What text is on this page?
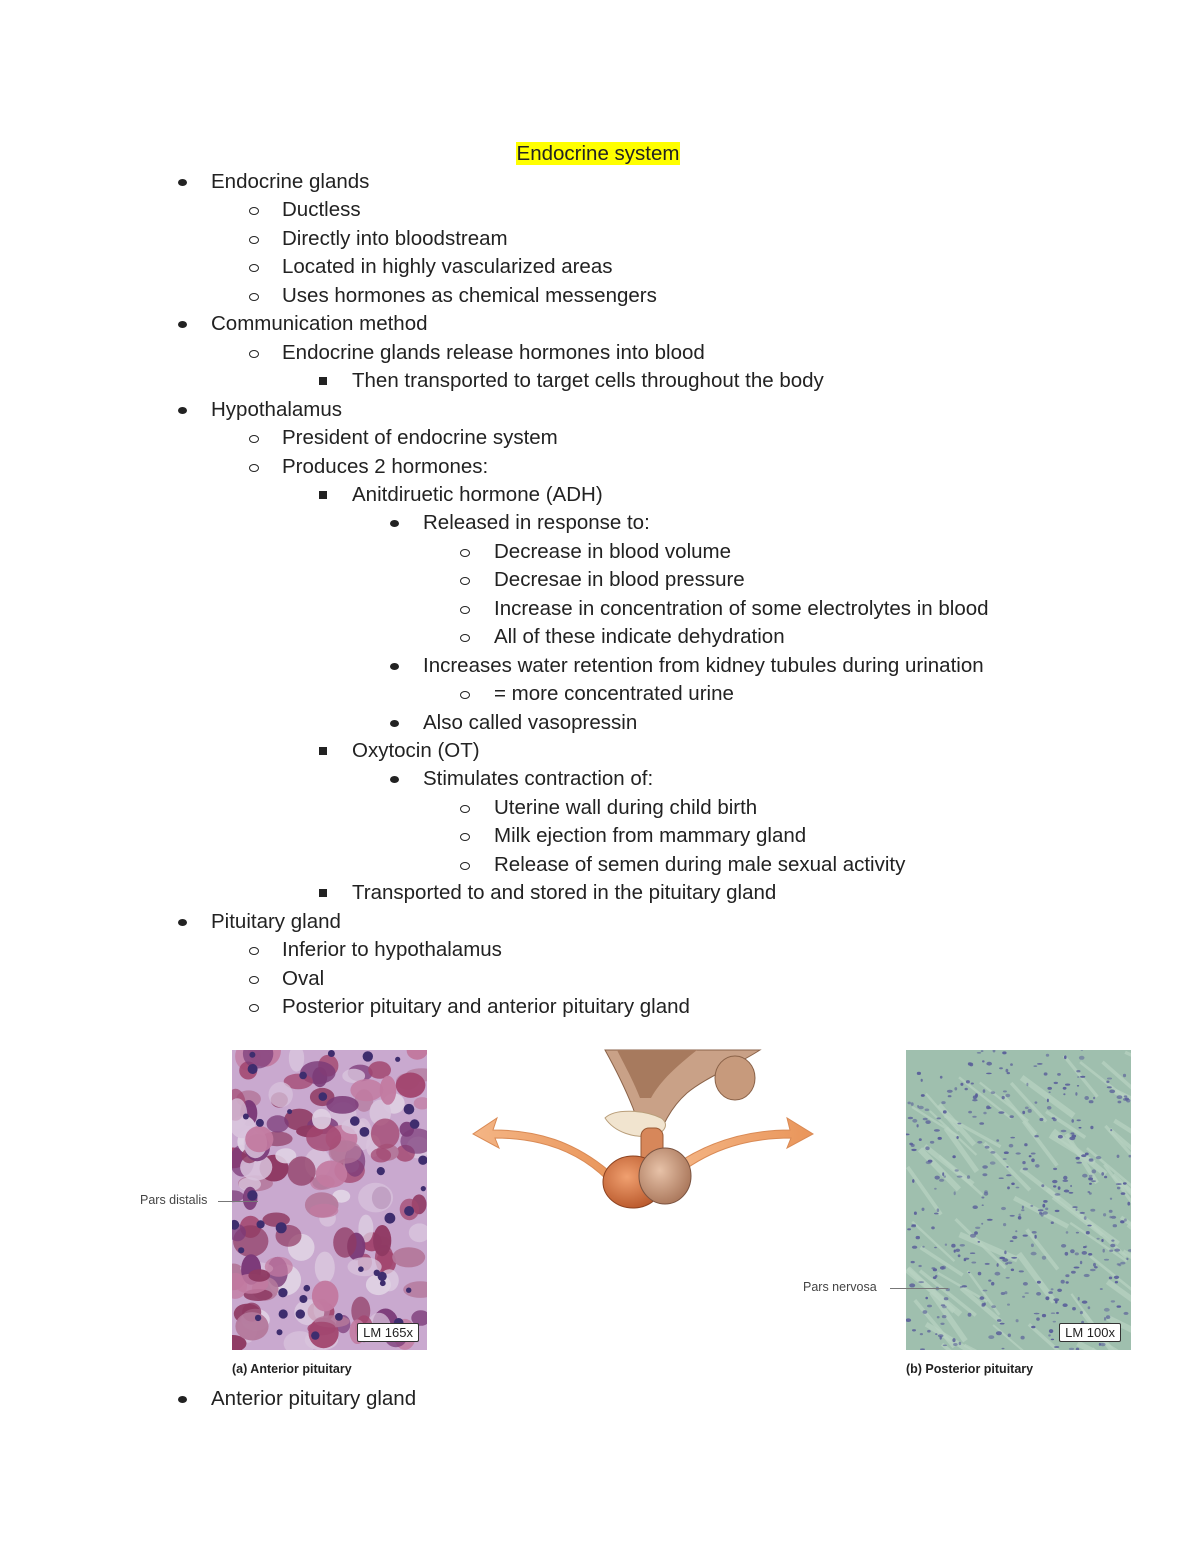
Endocrine system
Endocrine glands
Ductless
Directly into bloodstream
Located in highly vascularized areas
Uses hormones as chemical messengers
Communication method
Endocrine glands release hormones into blood
Then transported to target cells throughout the body
Hypothalamus
President of endocrine system
Produces 2 hormones:
Anitdiruetic hormone (ADH)
Released in response to:
Decrease in blood volume
Decresae in blood pressure
Increase in concentration of some electrolytes in blood
All of these indicate dehydration
Increases water retention from kidney tubules during urination
= more concentrated urine
Also called vasopressin
Oxytocin (OT)
Stimulates contraction of:
Uterine wall during child birth
Milk ejection from mammary gland
Release of semen during male sexual activity
Transported to and stored in the pituitary gland
Pituitary gland
Inferior to hypothalamus
Oval
Posterior pituitary and anterior pituitary gland
LM 165x
Pars distalis
(a) Anterior pituitary
LM 100x
Pars nervosa
(b) Posterior pituitary
Anterior pituitary gland
